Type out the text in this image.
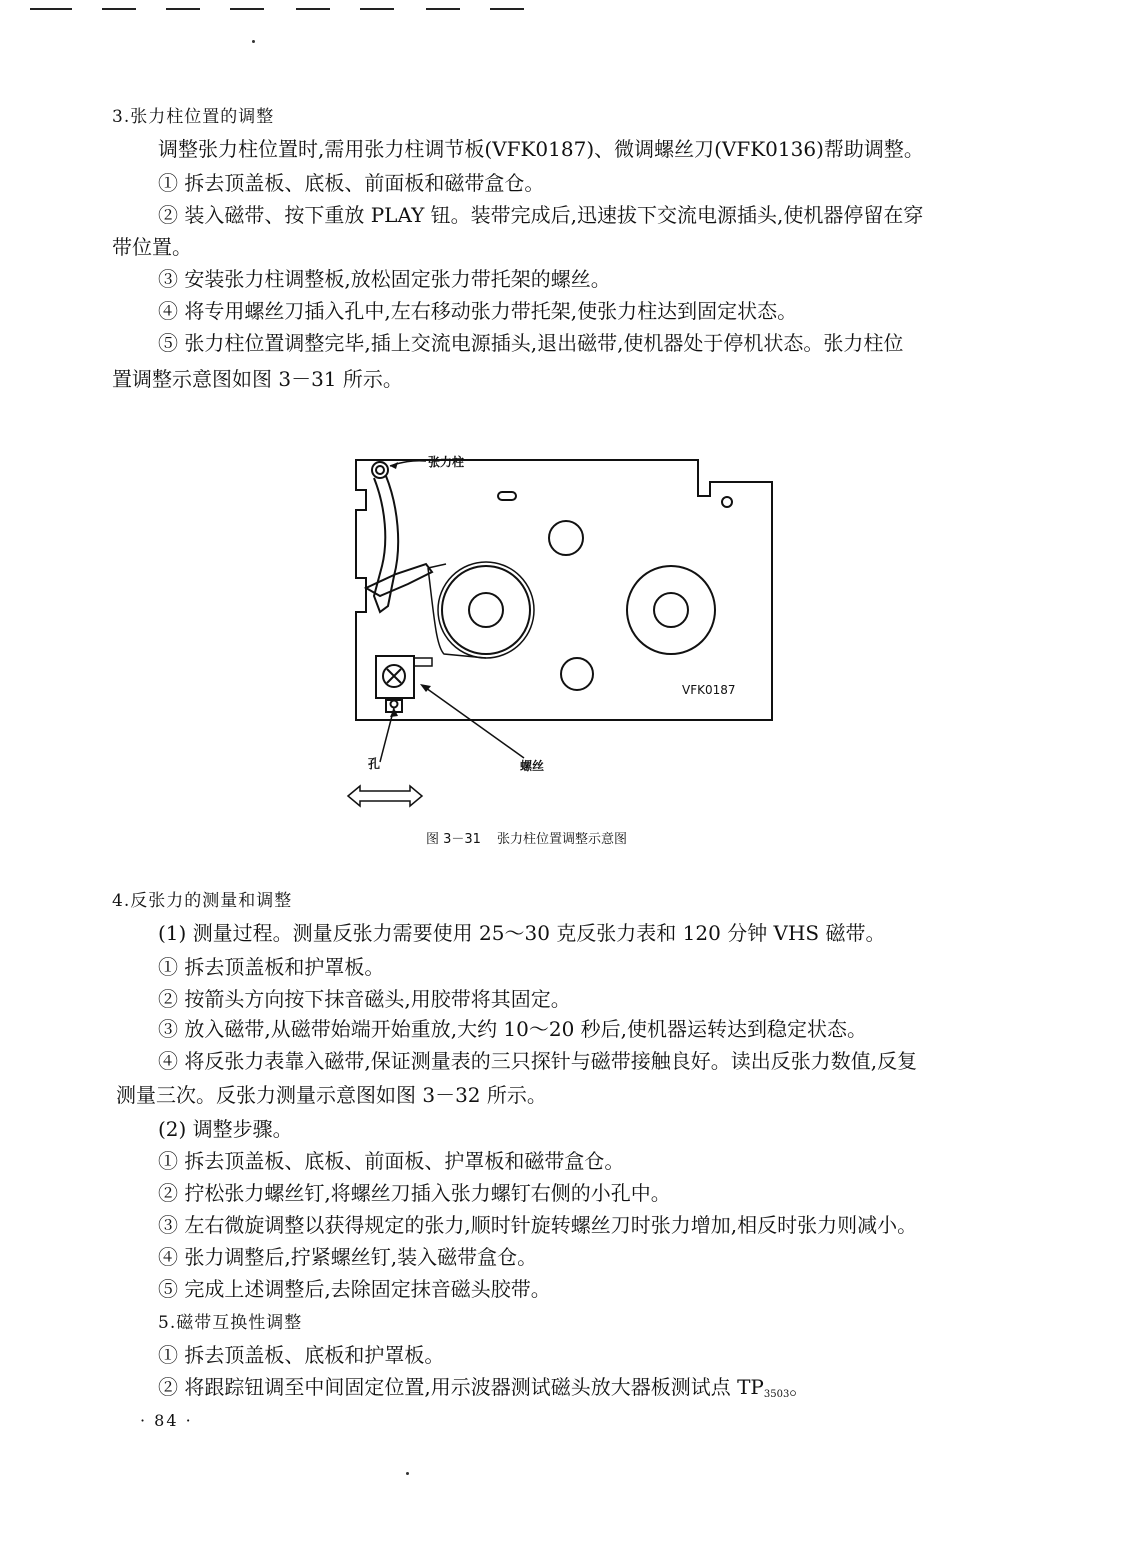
3.张力柱位置的调整
调整张力柱位置时,需用张力柱调节板(VFK0187)、微调螺丝刀(VFK0136)帮助调整。
① 拆去顶盖板、底板、前面板和磁带盒仓。
② 装入磁带、按下重放 PLAY 钮。装带完成后,迅速拔下交流电源插头,使机器停留在穿
带位置。
③ 安装张力柱调整板,放松固定张力带托架的螺丝。
④ 将专用螺丝刀插入孔中,左右移动张力带托架,使张力柱达到固定状态。
⑤ 张力柱位置调整完毕,插上交流电源插头,退出磁带,使机器处于停机状态。张力柱位
置调整示意图如图 3－31 所示。
张力柱
VFK0187
孔	螺丝
图 3－31 张力柱位置调整示意图
4.反张力的测量和调整
(1) 测量过程。测量反张力需要使用 25～30 克反张力表和 120 分钟 VHS 磁带。
① 拆去顶盖板和护罩板。
② 按箭头方向按下抹音磁头,用胶带将其固定。
③ 放入磁带,从磁带始端开始重放,大约 10～20 秒后,使机器运转达到稳定状态。
④ 将反张力表靠入磁带,保证测量表的三只探针与磁带接触良好。读出反张力数值,反复
测量三次。反张力测量示意图如图 3－32 所示。
(2) 调整步骤。
① 拆去顶盖板、底板、前面板、护罩板和磁带盒仓。
② 拧松张力螺丝钉,将螺丝刀插入张力螺钉右侧的小孔中。
③ 左右微旋调整以获得规定的张力,顺时针旋转螺丝刀时张力增加,相反时张力则减小。
④ 张力调整后,拧紧螺丝钉,装入磁带盒仓。
⑤ 完成上述调整后,去除固定抹音磁头胶带。
5.磁带互换性调整
① 拆去顶盖板、底板和护罩板。
② 将跟踪钮调至中间固定位置,用示波器测试磁头放大器板测试点 $TP_{3503}$。
· 84 ·
